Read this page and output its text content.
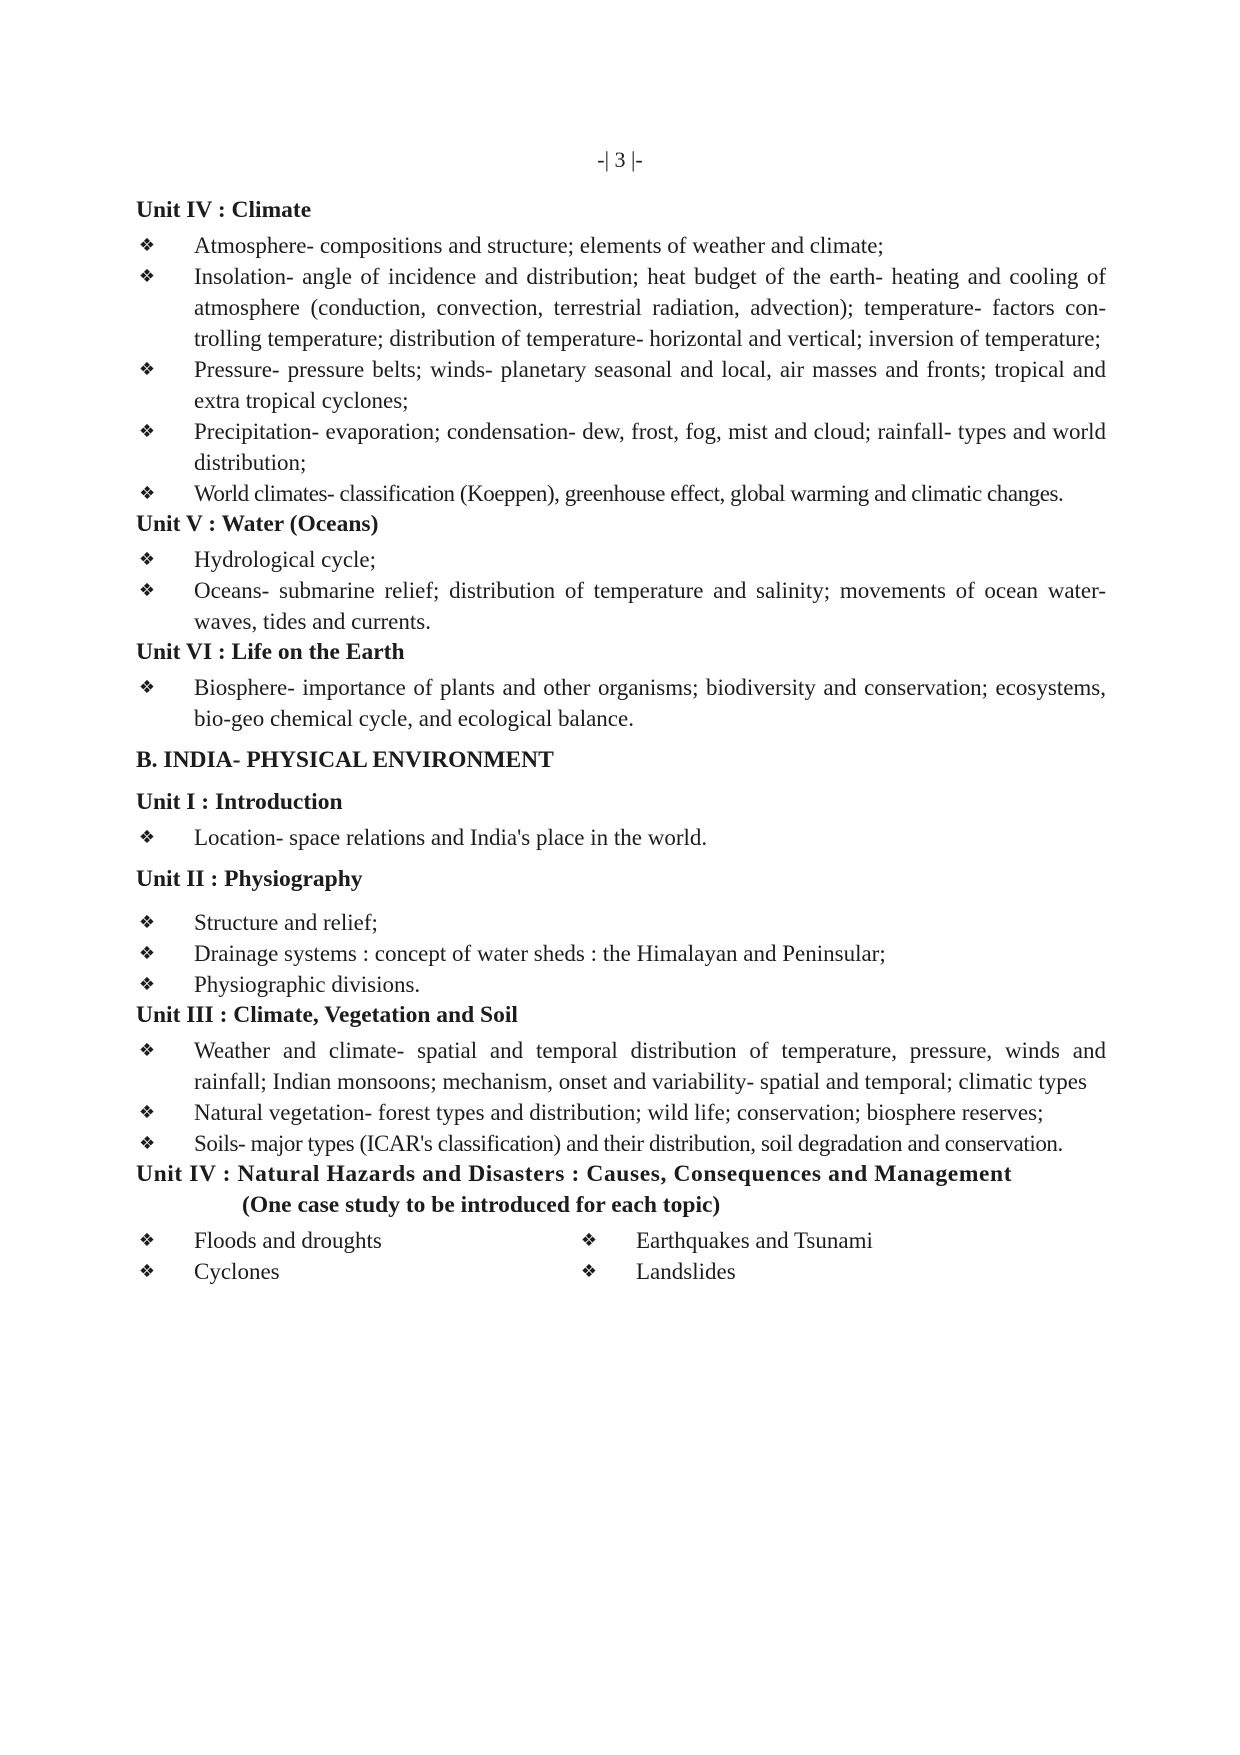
-| 3 |-
Unit IV : Climate
❖ Atmosphere- compositions and structure; elements of weather and climate;
❖ Insolation- angle of incidence and distribution; heat budget of the earth- heating and cooling of atmosphere (conduction, convection, terrestrial radiation, advection); temperature- factors con-trolling temperature; distribution of temperature- horizontal and vertical; inversion of temperature;
❖ Pressure- pressure belts; winds- planetary seasonal and local, air masses and fronts; tropical and extra tropical cyclones;
❖ Precipitation- evaporation; condensation- dew, frost, fog, mist and cloud; rainfall- types and world distribution;
❖ World climates- classification (Koeppen), greenhouse effect, global warming and climatic changes.
Unit V : Water (Oceans)
❖ Hydrological cycle;
❖ Oceans- submarine relief; distribution of temperature and salinity; movements of ocean water-waves, tides and currents.
Unit VI : Life on the Earth
❖ Biosphere- importance of plants and other organisms; biodiversity and conservation; ecosystems, bio-geo chemical cycle, and ecological balance.
B. INDIA- PHYSICAL ENVIRONMENT
Unit I : Introduction
❖ Location- space relations and India's place in the world.
Unit II : Physiography
❖ Structure and relief;
❖ Drainage systems : concept of water sheds : the Himalayan and Peninsular;
❖ Physiographic divisions.
Unit III : Climate, Vegetation and Soil
❖ Weather and climate- spatial and temporal distribution of temperature, pressure, winds and rainfall; Indian monsoons; mechanism, onset and variability- spatial and temporal; climatic types
❖ Natural vegetation- forest types and distribution; wild life; conservation; biosphere reserves;
❖ Soils- major types (ICAR's classification) and their distribution, soil degradation and conservation.
Unit IV : Natural Hazards and Disasters : Causes, Consequences and Management
(One case study to be introduced for each topic)
❖ Floods and droughts
❖ Cyclones
❖ Earthquakes and Tsunami
❖ Landslides
